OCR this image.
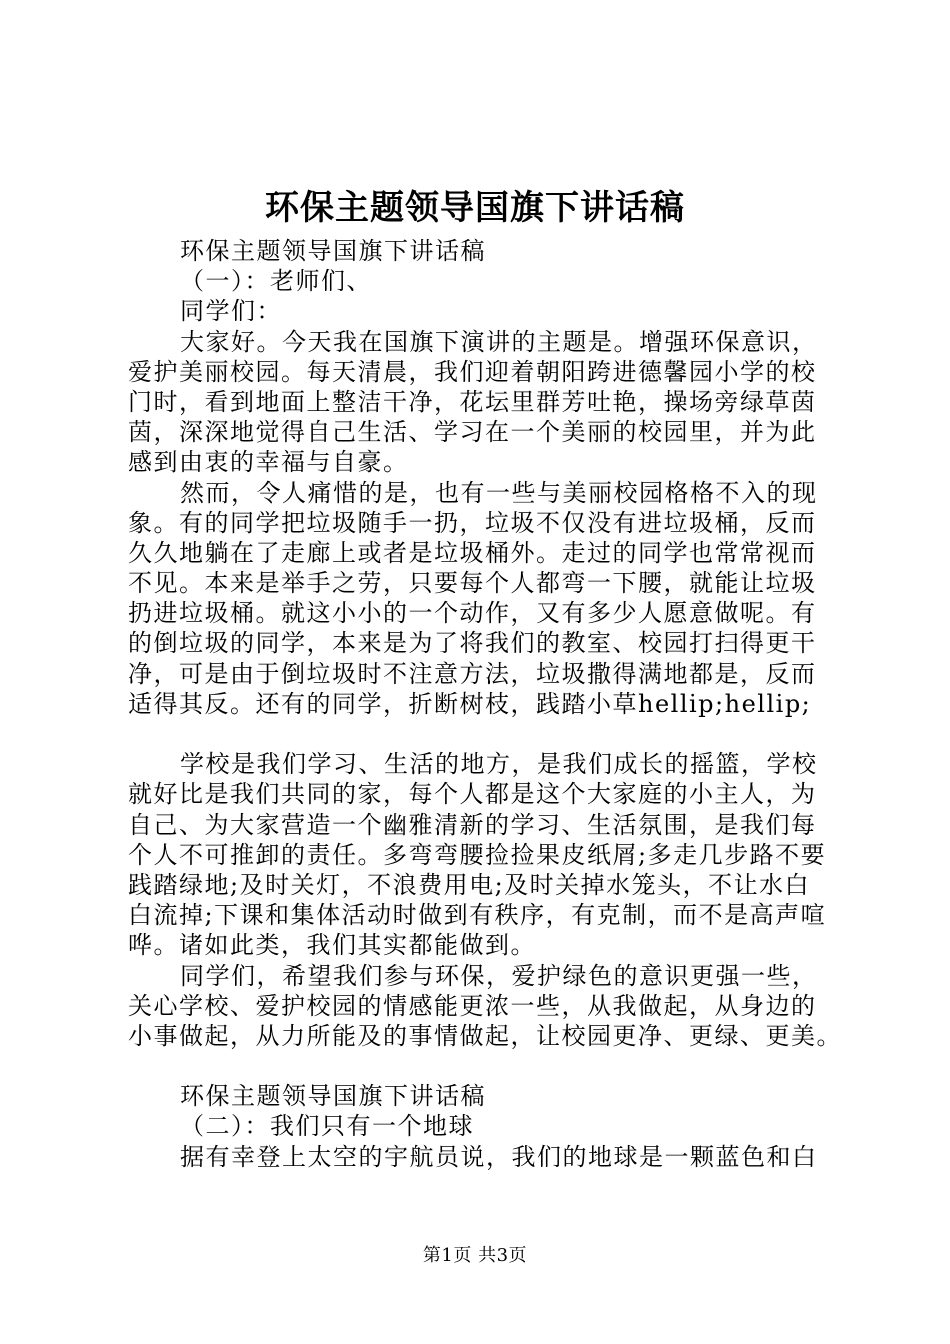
环保主题领导国旗下讲话稿
环保主题领导国旗下讲话稿
（一）：老师们、
同学们：
大家好。今天我在国旗下演讲的主题是。增强环保意识，
爱护美丽校园。每天清晨，我们迎着朝阳跨进德馨园小学的校
门时，看到地面上整洁干净，花坛里群芳吐艳，操场旁绿草茵
茵，深深地觉得自己生活、学习在一个美丽的校园里，并为此
感到由衷的幸福与自豪。
然而，令人痛惜的是，也有一些与美丽校园格格不入的现
象。有的同学把垃圾随手一扔，垃圾不仅没有进垃圾桶，反而
久久地躺在了走廊上或者是垃圾桶外。走过的同学也常常视而
不见。本来是举手之劳，只要每个人都弯一下腰，就能让垃圾
扔进垃圾桶。就这小小的一个动作，又有多少人愿意做呢。有
的倒垃圾的同学，本来是为了将我们的教室、校园打扫得更干
净，可是由于倒垃圾时不注意方法，垃圾撒得满地都是，反而
适得其反。还有的同学，折断树枝，践踏小草hellip;hellip;
学校是我们学习、生活的地方，是我们成长的摇篮，学校
就好比是我们共同的家，每个人都是这个大家庭的小主人，为
自己、为大家营造一个幽雅清新的学习、生活氛围，是我们每
个人不可推卸的责任。多弯弯腰捡捡果皮纸屑;多走几步路不要
践踏绿地;及时关灯，不浪费用电;及时关掉水笼头，不让水白
白流掉;下课和集体活动时做到有秩序，有克制，而不是高声喧
哗。诸如此类，我们其实都能做到。
同学们，希望我们参与环保，爱护绿色的意识更强一些，
关心学校、爱护校园的情感能更浓一些，从我做起，从身边的
小事做起，从力所能及的事情做起，让校园更净、更绿、更美。
环保主题领导国旗下讲话稿
（二）：我们只有一个地球
据有幸登上太空的宇航员说，我们的地球是一颗蓝色和白
第1页 共3页
